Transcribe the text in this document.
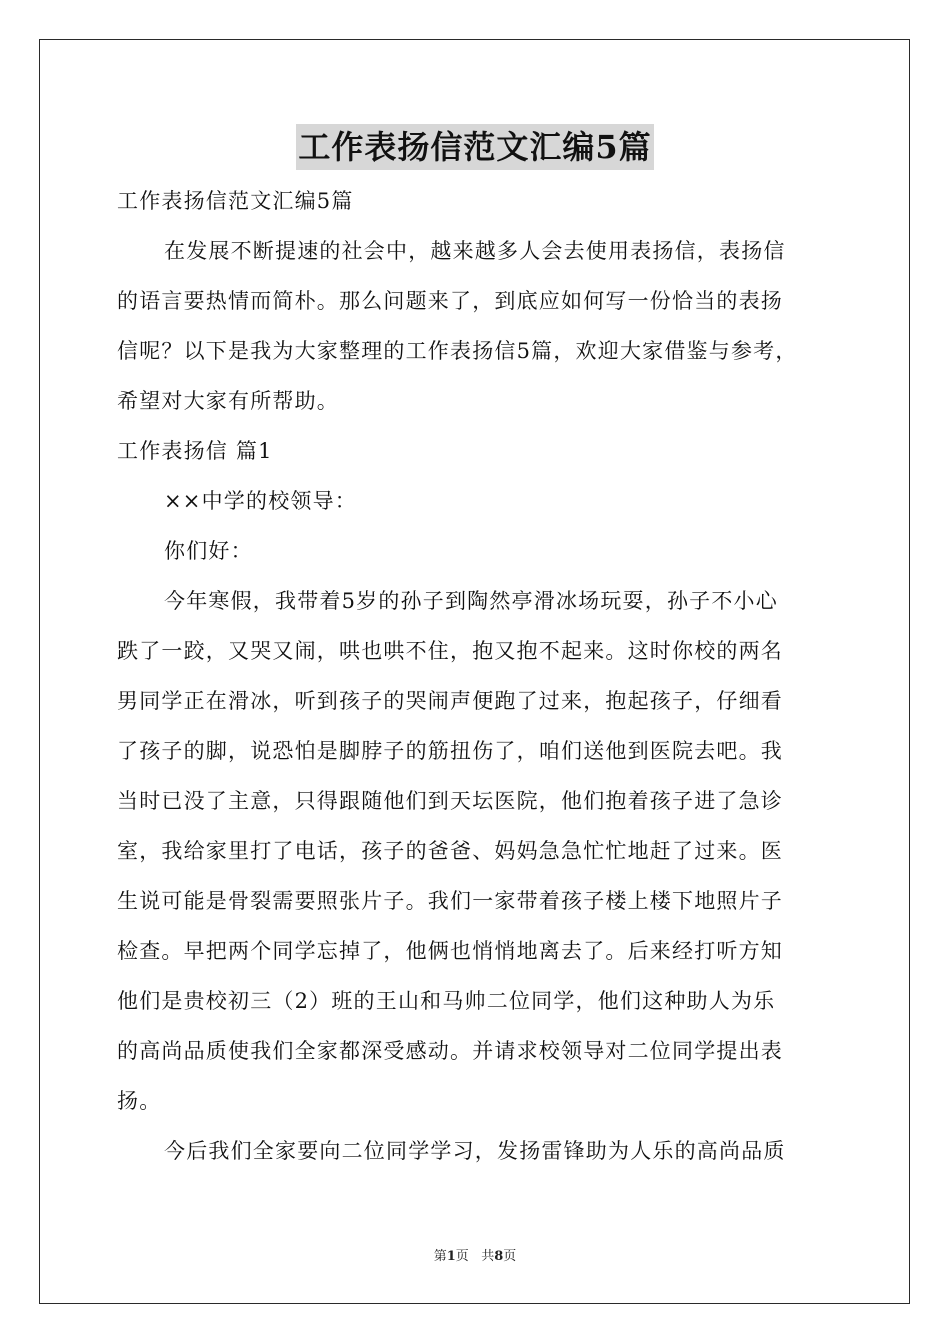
工作表扬信范文汇编5篇
工作表扬信范文汇编5篇
在发展不断提速的社会中，越来越多人会去使用表扬信，表扬信
的语言要热情而简朴。那么问题来了，到底应如何写一份恰当的表扬
信呢？以下是我为大家整理的工作表扬信5篇，欢迎大家借鉴与参考，
希望对大家有所帮助。
工作表扬信 篇1
××中学的校领导：
你们好：
今年寒假，我带着5岁的孙子到陶然亭滑冰场玩耍，孙子不小心
跌了一跤，又哭又闹，哄也哄不住，抱又抱不起来。这时你校的两名
男同学正在滑冰，听到孩子的哭闹声便跑了过来，抱起孩子，仔细看
了孩子的脚，说恐怕是脚脖子的筋扭伤了，咱们送他到医院去吧。我
当时已没了主意，只得跟随他们到天坛医院，他们抱着孩子进了急诊
室，我给家里打了电话，孩子的爸爸、妈妈急急忙忙地赶了过来。医
生说可能是骨裂需要照张片子。我们一家带着孩子楼上楼下地照片子
检查。早把两个同学忘掉了，他俩也悄悄地离去了。后来经打听方知
他们是贵校初三（2）班的王山和马帅二位同学，他们这种助人为乐
的高尚品质使我们全家都深受感动。并请求校领导对二位同学提出表
扬。
今后我们全家要向二位同学学习，发扬雷锋助为人乐的高尚品质
第1页 共8页
